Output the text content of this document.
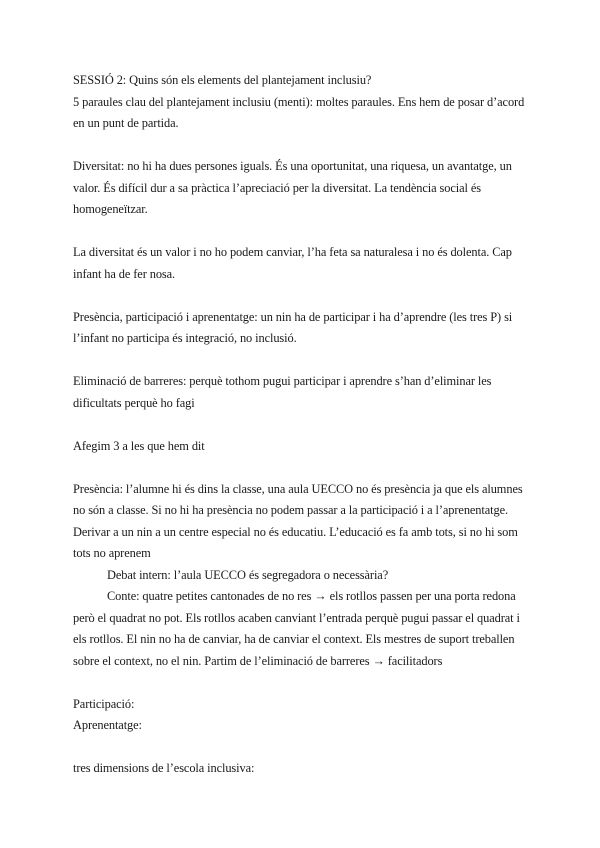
SESSIÓ 2: Quins són els elements del plantejament inclusiu?

5 paraules clau del plantejament inclusiu (menti): moltes paraules. Ens hem de posar d’acord en un punt de partida.

Diversitat: no hi ha dues persones iguals. És una oportunitat, una riquesa, un avantatge, un valor. És difícil dur a sa pràctica l’apreciació per la diversitat. La tendència social és homogeneïtzar.

La diversitat és un valor i no ho podem canviar, l’ha feta sa naturalesa i no és dolenta. Cap infant ha de fer nosa.

Presència, participació i aprenentatge: un nin ha de participar i ha d’aprendre (les tres P) si l’infant no participa és integració, no inclusió.

Eliminació de barreres: perquè tothom pugui participar i aprendre s’han d’eliminar les dificultats perquè ho fagi

Afegim 3 a les que hem dit

Presència: l’alumne hi és dins la classe, una aula UECCO no és presència ja que els alumnes no són a classe. Si no hi ha presència no podem passar a la participació i a l’aprenentatge. Derivar a un nin a un centre especial no és educatiu. L’educació es fa amb tots, si no hi som tots no aprenem

Debat intern: l’aula UECCO és segregadora o necessària?

Conte: quatre petites cantonades de no res → els rotllos passen per una porta redona però el quadrat no pot. Els rotllos acaben canviant l’entrada perquè pugui passar el quadrat i els rotllos. El nin no ha de canviar, ha de canviar el context. Els mestres de suport treballen sobre el context, no el nin. Partim de l’eliminació de barreres → facilitadors

Participació:

Aprenentatge:

tres dimensions de l’escola inclusiva:
